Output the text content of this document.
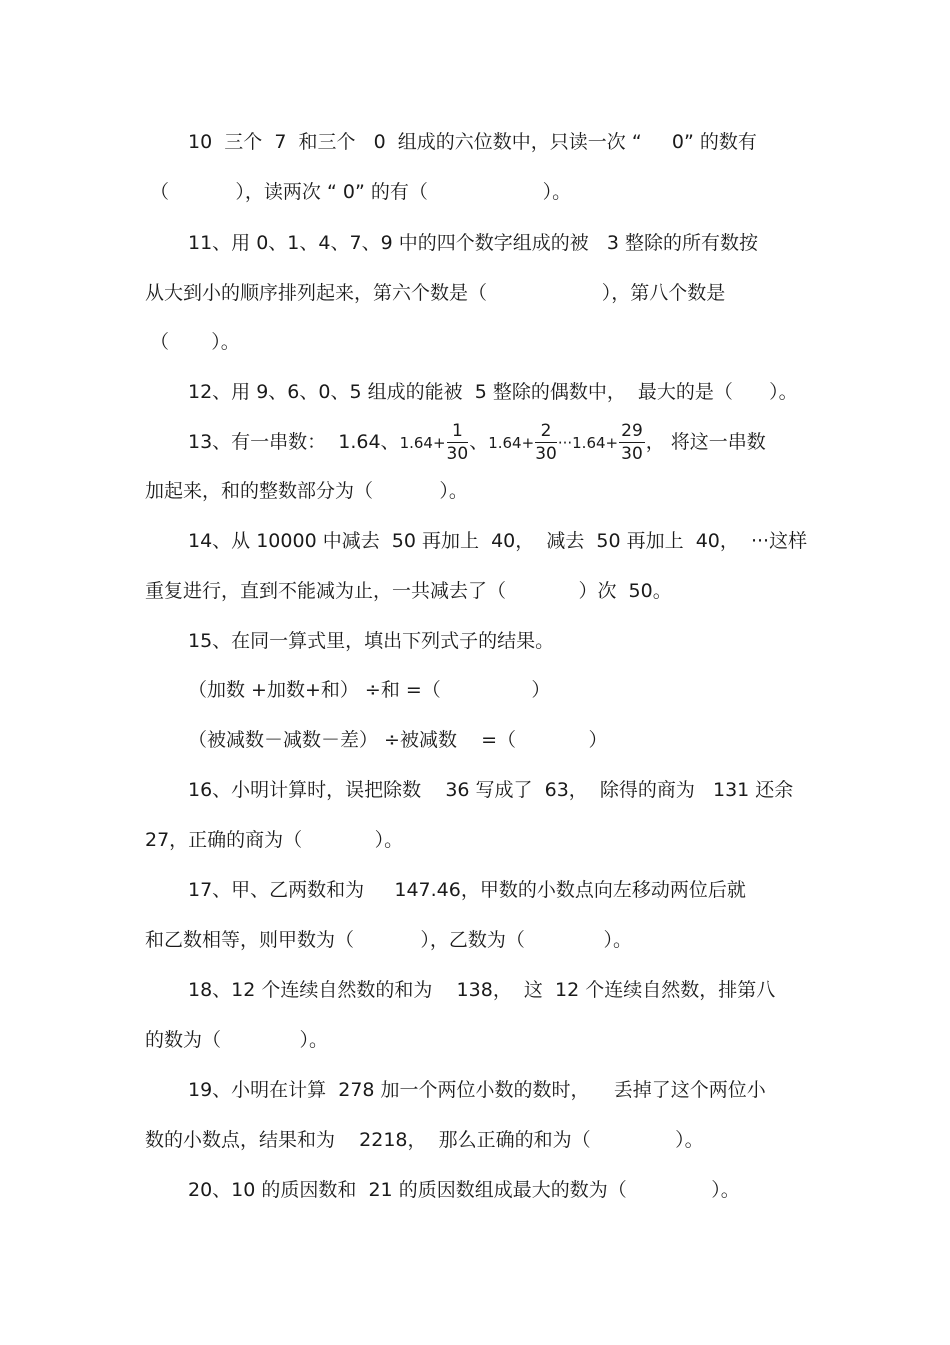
10  三个  7  和三个   0  组成的六位数中，只读一次 “     0” 的数有
（           ），读两次 “ 0” 的有（                   ）。
11、用 0、1、4、7、9 中的四个数字组成的被   3 整除的所有数按
从大到小的顺序排列起来，第六个数是（                   ），第八个数是
（       ）。
12、用 9、6、0、5 组成的能被  5 整除的偶数中，  最大的是（      ）。
13、有一串数：  1.64、$1.64+ \frac{1}{30}$ 、$1.64+ \frac{2}{30} \cdot\cdot\cdot 1.64+ \frac{29}{30}$ ， 将这一串数
加起来，和的整数部分为（           ）。
14、从 10000 中减去  50 再加上  40，  减去  50 再加上  40，  ···这样
重复进行，直到不能减为止，一共减去了（            ）次  50。
15、在同一算式里，填出下列式子的结果。
（加数 +加数+和） ÷和 =（               ）
（被减数－减数－差） ÷被减数    =（            ）
16、小明计算时，误把除数    36 写成了  63，  除得的商为   131 还余
27，正确的商为（            ）。
17、甲、乙两数和为     147.46，甲数的小数点向左移动两位后就
和乙数相等，则甲数为（           ），乙数为（             ）。
18、12 个连续自然数的和为    138，  这  12 个连续自然数，排第八
的数为（             ）。
19、小明在计算  278 加一个两位小数的数时，    丢掉了这个两位小
数的小数点，结果和为    2218，  那么正确的和为（              ）。
20、10 的质因数和  21 的质因数组成最大的数为（              ）。
